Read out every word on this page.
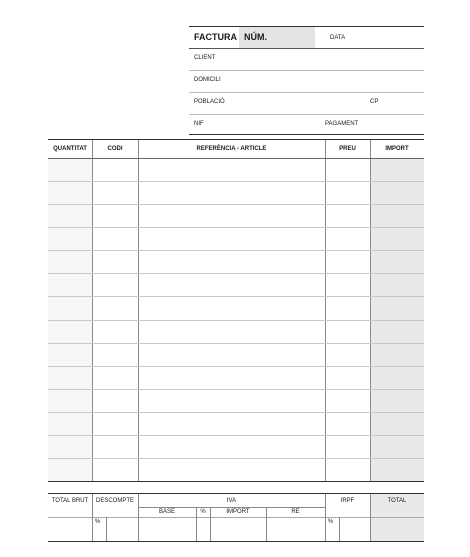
FACTURA NÚM.	DATA
CLIENT
DOMICILI
POBLACIÓ	CP
NIF	PAGAMENT
QUANTITAT	CODI	REFERÈNCIA - ARTICLE	PREU	IMPORT
TOTAL BRUT	DESCOMPTE	IVA	IRPF	TOTAL
BASE	%	IMPORT	RE
%	%
